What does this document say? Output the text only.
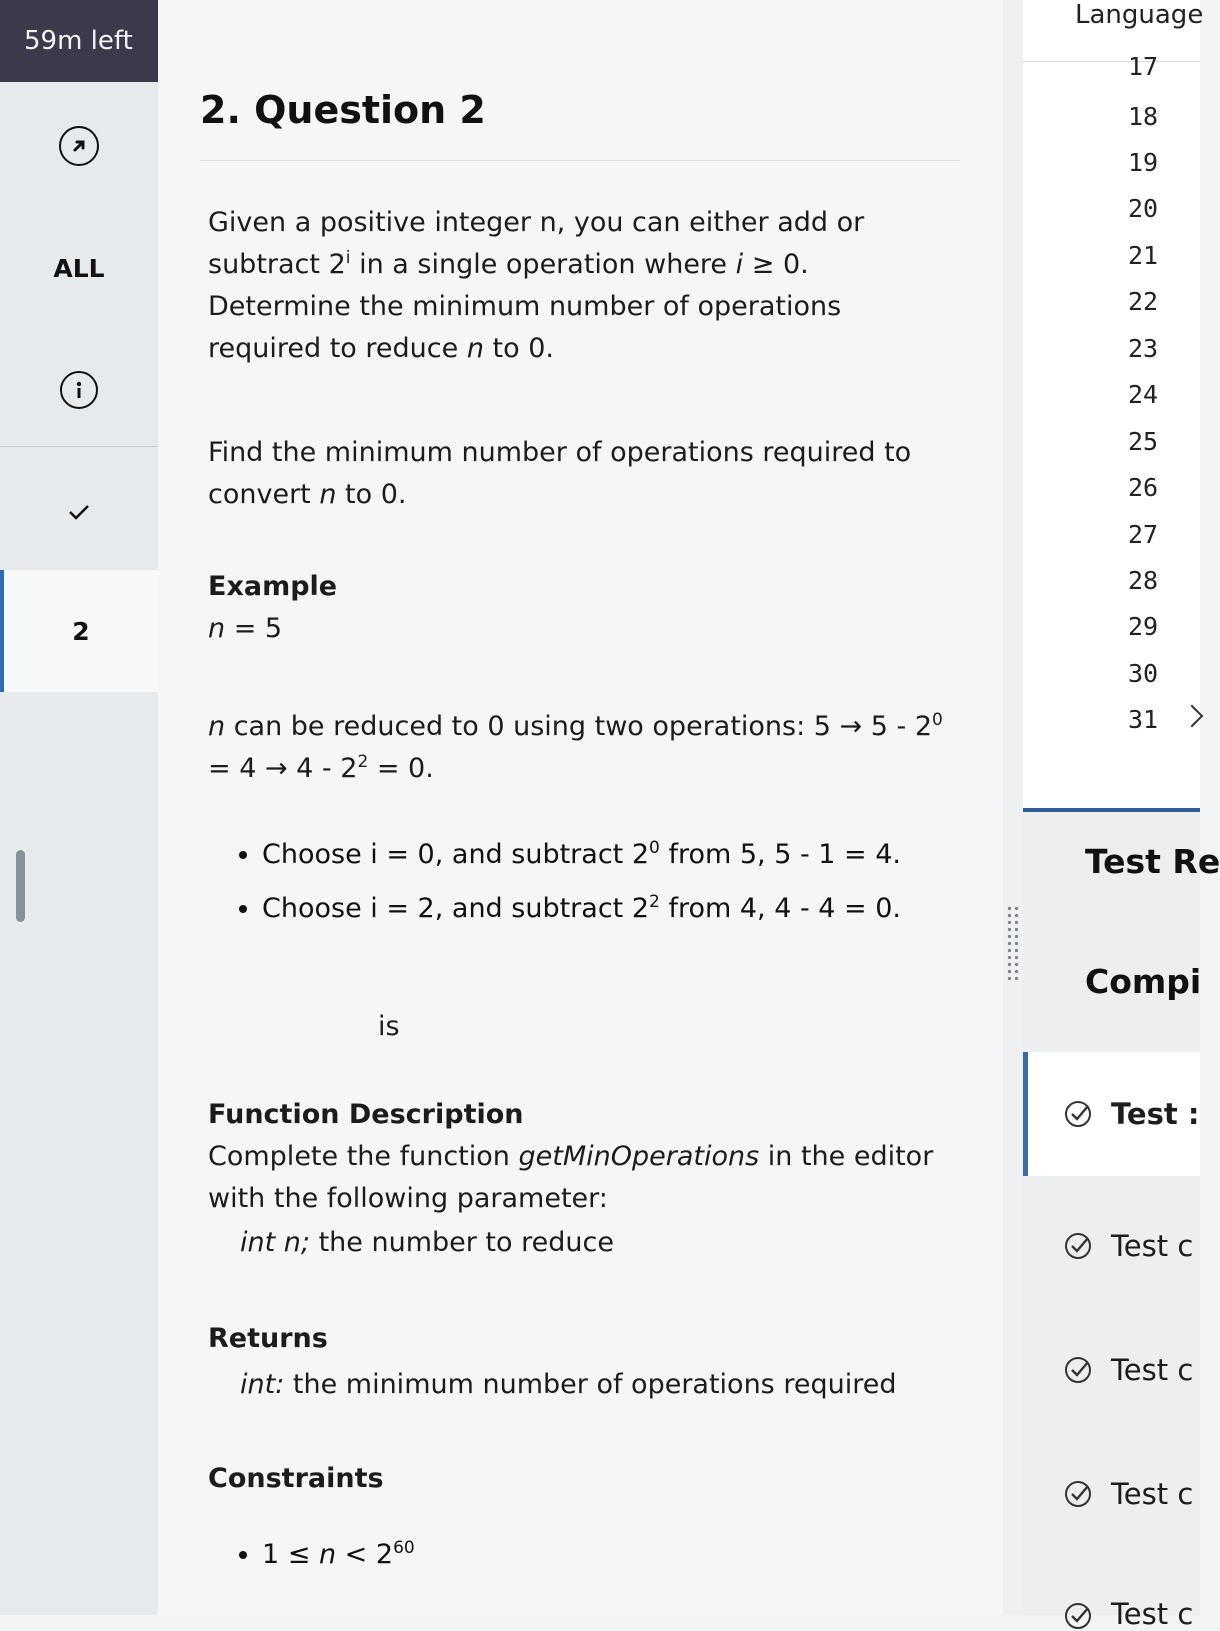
59m left
ALL
2
2. Question 2

Given a positive integer n, you can either add or subtract 2$^i$ in a single operation where i ≥ 0. Determine the minimum number of operations required to reduce n to 0.

Find the minimum number of operations required to convert n to 0.

Example

n = 5

n can be reduced to 0 using two operations: $5 \to 5 - 2^0 = 4 \to 4 - 2^2 = 0$.

• Choose i = 0, and subtract $2^0$ from 5, 5 - 1 = 4.
• Choose i = 2, and subtract $2^2$ from 4, 4 - 4 = 0.
is

Function Description

Complete the function getMinOperations in the editor with the following parameter:

int n; the number to reduce

Returns

int: the minimum number of operations required

Constraints

• $1 \le n < 2^{60}$
Language
17
18
19
20
21
22
23
24
25
26
27
28
29
30
31
Test Re
Compi
Test :
Test c
Test c
Test c
Test c
